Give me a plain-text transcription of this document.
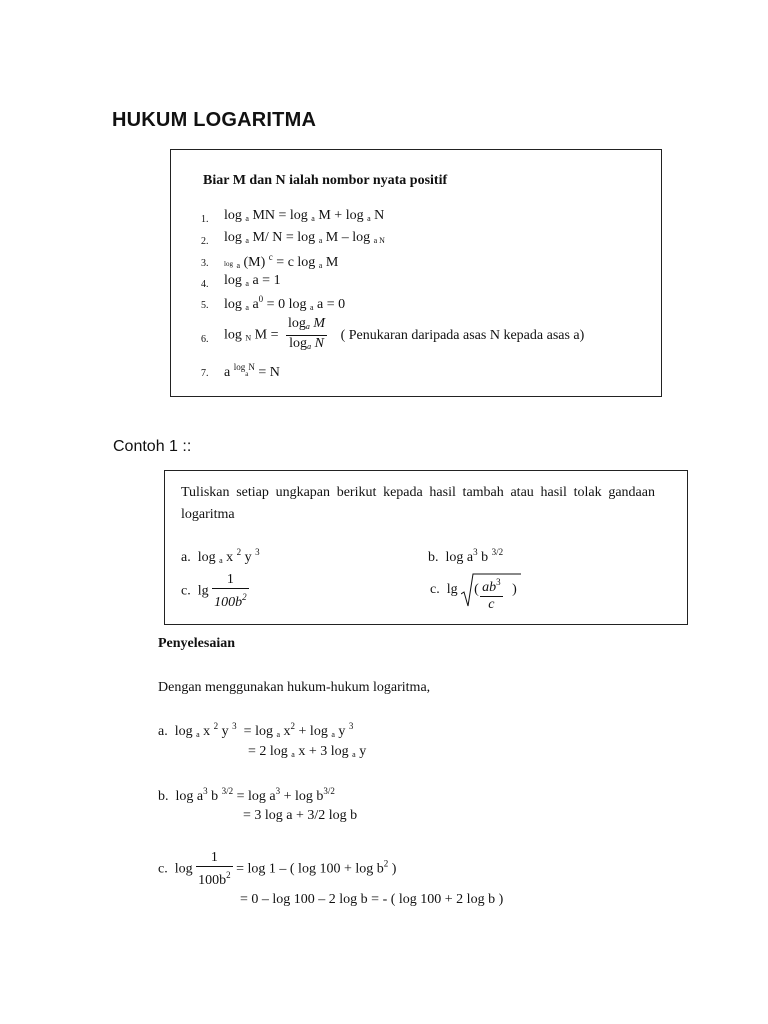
HUKUM LOGARITMA
Biar M dan N ialah nombor nyata positif
1.
2.
3.
4.
5.
6.
7.
log $_a$ MN = log $_a$ M + log $_a$ N
log $_a$ M/ N = log $_a$ M – log $_{a N}$
log $_a$ (M) $^c$ = c log $_a$ M
log $_a$ a = 1
log $_a$ $a^0 = 0$ log $_a$ a = 0
log $_N$ $M = \frac{\log_a M}{\log_a N}$ ( Penukaran daripada asas N kepada asas a)
a $^{log}a^N = N$
Contoh 1 ::
Tuliskan setiap ungkapan berikut kepada hasil tambah atau hasil tolak gandaan logaritma
a. log $_a$ x $^2$ y $^3$	b. $\log a^3$ b $^{3/2}$
c. $\lg \frac{1}{100b^2}$	c. lg ( $\frac{ab^3}{c}$ )
Penyelesaian
Dengan menggunakan hukum-hukum logaritma,
a. log $_a$ x $^2$ y $^3$ = log $_a$ $x^2 + \log _a$ y $^3$
= 2 log $_a$ x + 3 log $_a$ y
b. $\log a^3$ b $^{3/2} = \log a^3 + \log b^{3/2}$
= 3 log a + 3/2 log b
c. $\log \frac{1}{100b^2} = \log 1$ – ( $\log 100 + \log b^2$ )
= 0 – log 100 – 2 log b = - ( log 100 + 2 log b )
